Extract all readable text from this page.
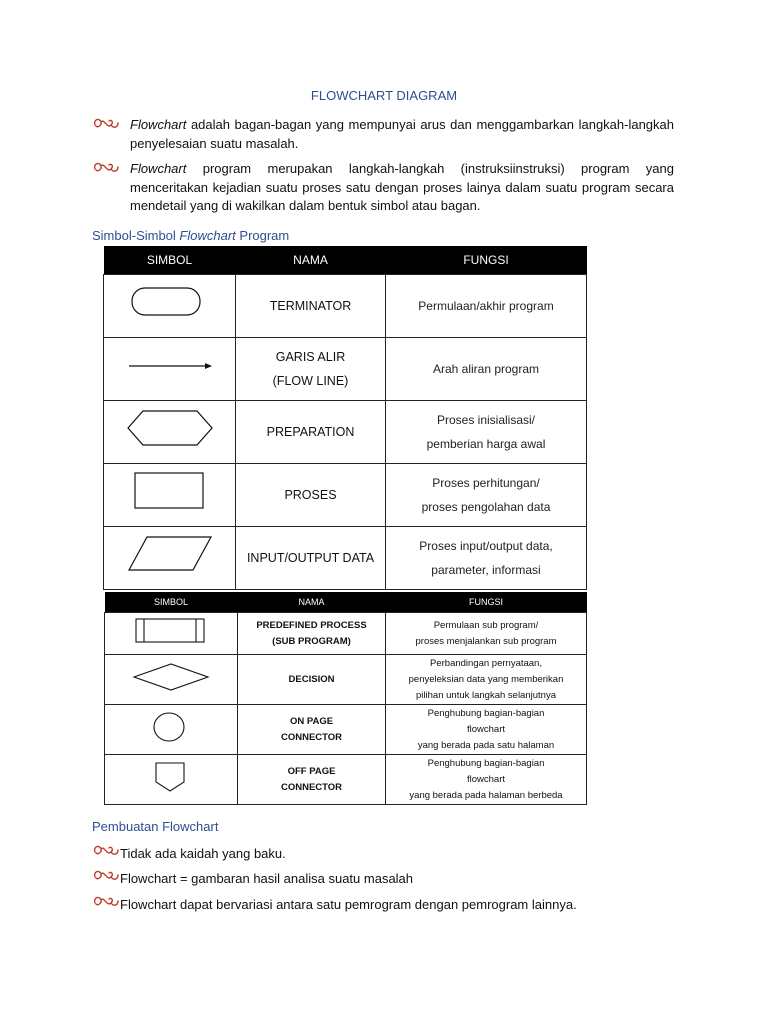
FLOWCHART DIAGRAM
Flowchart adalah bagan-bagan yang mempunyai arus dan menggambarkan langkah-langkah penyelesaian suatu masalah.
Flowchart program merupakan langkah-langkah (instruksiinstruksi) program yang menceritakan kejadian suatu proses satu dengan proses lainya dalam suatu program secara mendetail yang di wakilkan dalam bentuk simbol atau bagan.
Simbol-Simbol Flowchart Program
SIMBOL	NAMA	FUNGSI

TERMINATOR	Permulaan/akhir program

GARIS ALIR
(FLOW LINE)	Arah aliran program

PREPARATION	Proses inisialisasi/
pemberian harga awal

PROSES	Proses perhitungan/
proses pengolahan data

INPUT/OUTPUT DATA	Proses input/output data,
parameter, informasi
SIMBOL	NAMA	FUNGSI

PREDEFINED PROCESS
(SUB PROGRAM)	Permulaan sub program/
proses menjalankan sub program

DECISION	Perbandingan pernyataan,
penyeleksian data yang memberikan
pilihan untuk langkah selanjutnya

ON PAGE
CONNECTOR	Penghubung bagian-bagian
flowchart
yang berada pada satu halaman

OFF PAGE
CONNECTOR	Penghubung bagian-bagian
flowchart
yang berada pada halaman berbeda
Pembuatan Flowchart
Tidak ada kaidah yang baku.
Flowchart = gambaran hasil analisa suatu masalah
Flowchart dapat bervariasi antara satu pemrogram dengan pemrogram lainnya.
